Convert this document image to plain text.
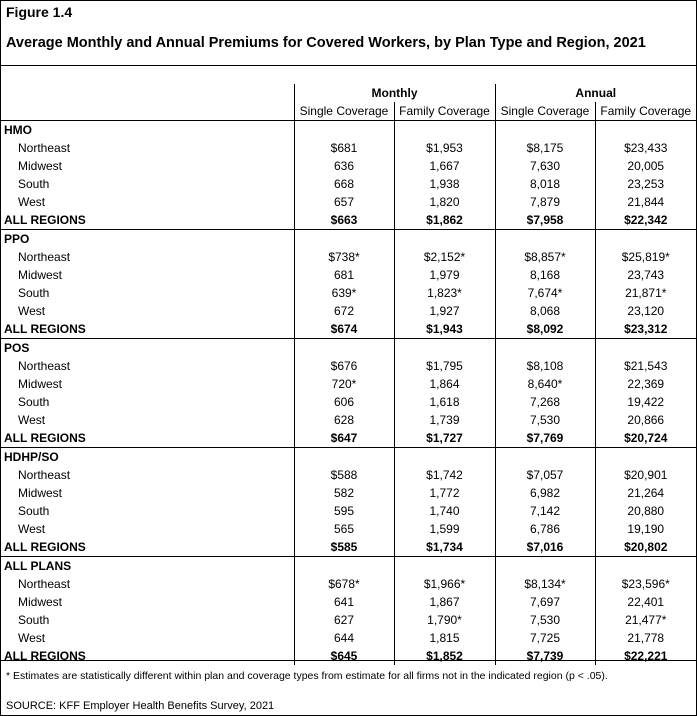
Figure 1.4
Average Monthly and Annual Premiums for Covered Workers, by Plan Type and Region, 2021
	Monthly		Annual	
	Single Coverage	Family Coverage	Single Coverage	Family Coverage
HMO				
Northeast	$681	$1,953	$8,175	$23,433
Midwest	636	1,667	7,630	20,005
South	668	1,938	8,018	23,253
West	657	1,820	7,879	21,844
ALL REGIONS	$663	$1,862	$7,958	$22,342
PPO				
Northeast	$738*	$2,152*	$8,857*	$25,819*
Midwest	681	1,979	8,168	23,743
South	639*	1,823*	7,674*	21,871*
West	672	1,927	8,068	23,120
ALL REGIONS	$674	$1,943	$8,092	$23,312
POS				
Northeast	$676	$1,795	$8,108	$21,543
Midwest	720*	1,864	8,640*	22,369
South	606	1,618	7,268	19,422
West	628	1,739	7,530	20,866
ALL REGIONS	$647	$1,727	$7,769	$20,724
HDHP/SO				
Northeast	$588	$1,742	$7,057	$20,901
Midwest	582	1,772	6,982	21,264
South	595	1,740	7,142	20,880
West	565	1,599	6,786	19,190
ALL REGIONS	$585	$1,734	$7,016	$20,802
ALL PLANS				
Northeast	$678*	$1,966*	$8,134*	$23,596*
Midwest	641	1,867	7,697	22,401
South	627	1,790*	7,530	21,477*
West	644	1,815	7,725	21,778
ALL REGIONS	$645	$1,852	$7,739	$22,221
* Estimates are statistically different within plan and coverage types from estimate for all firms not in the indicated region (p < .05).
SOURCE: KFF Employer Health Benefits Survey, 2021
